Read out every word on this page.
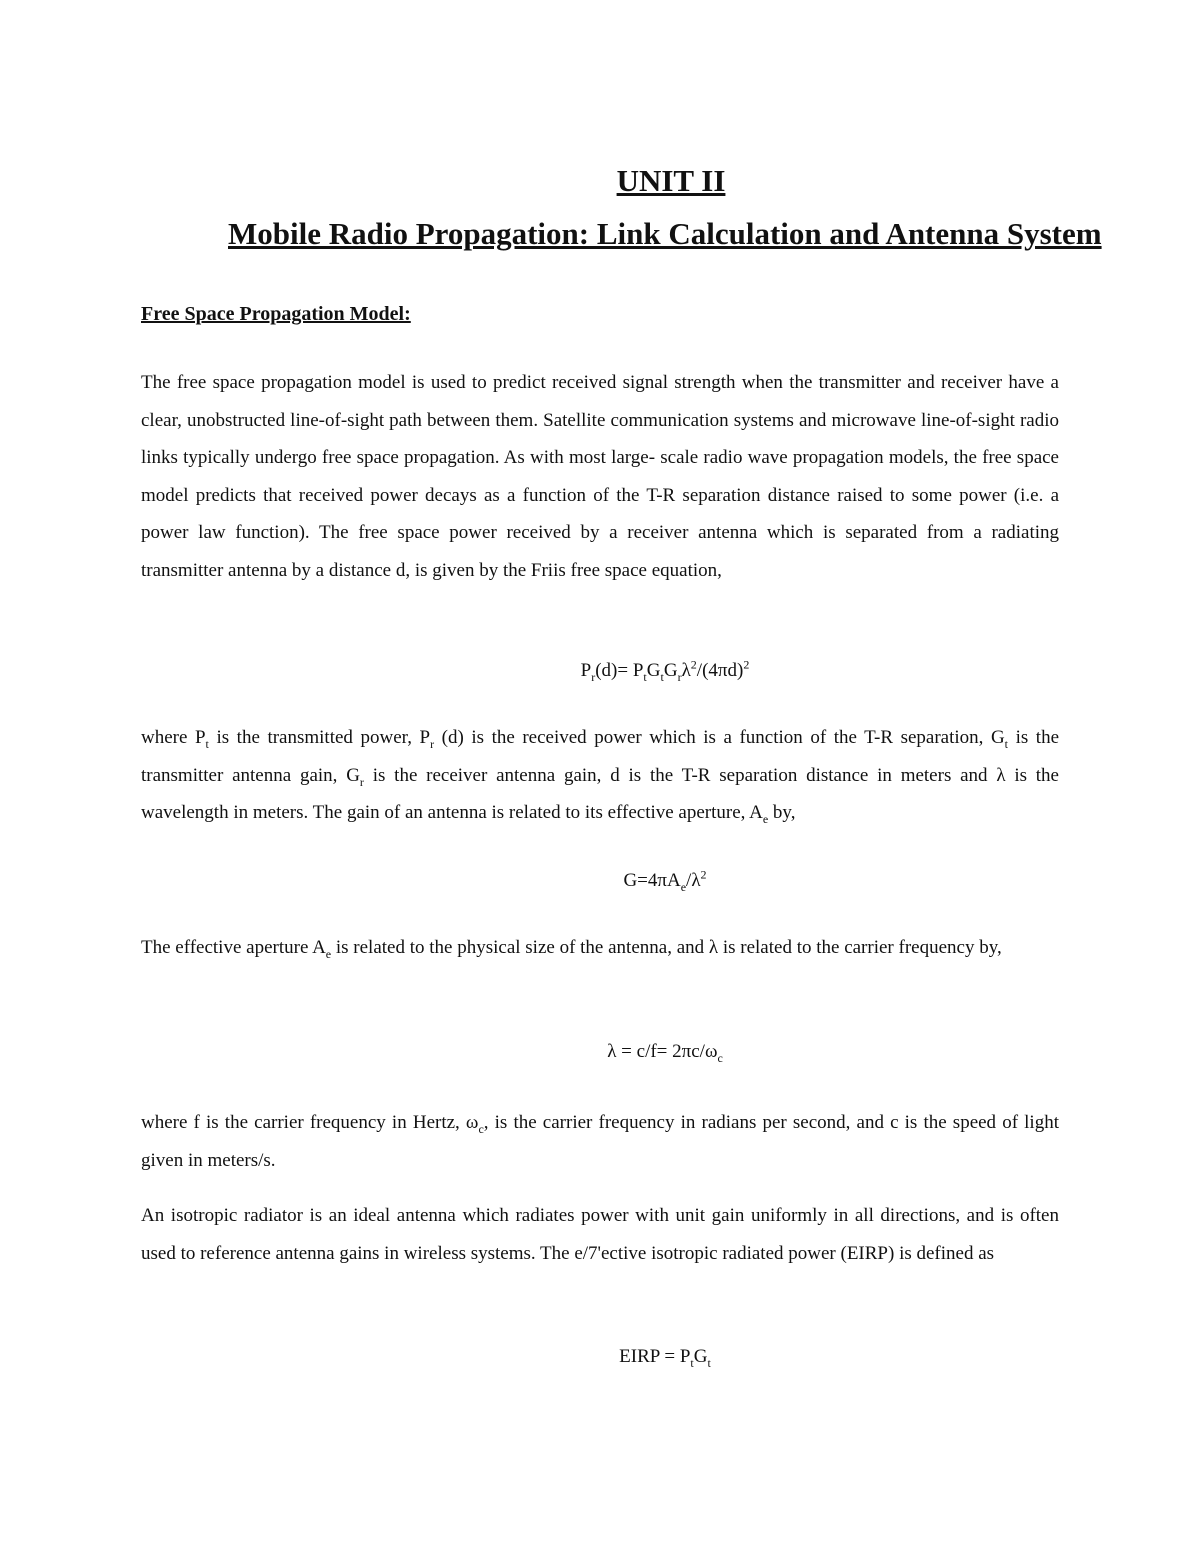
UNIT II
Mobile Radio Propagation: Link Calculation and Antenna System
Free Space Propagation Model:

The free space propagation model is used to predict received signal strength when the transmitter and receiver have a clear, unobstructed line-of-sight path between them. Satellite communication systems and microwave line-of-sight radio links typically undergo free space propagation. As with most large- scale radio wave propagation models, the free space model predicts that received power decays as a function of the T-R separation distance raised to some power (i.e. a power law function). The free space power received by a receiver antenna which is separated from a radiating transmitter antenna by a distance d, is given by the Friis free space equation,

$P_r(d)= P_tG_tG_r\lambda^2/(4\pi d)^2$

where $P_t$ is the transmitted power, $P_r$ (d) is the received power which is a function of the T-R separation, $G_t$ is the transmitter antenna gain, $G_r$ is the receiver antenna gain, d is the T-R separation distance in meters and λ is the wavelength in meters. The gain of an antenna is related to its effective aperture, $A_e$ by,

$G=4\pi A_e/\lambda^2$

The effective aperture $A_e$ is related to the physical size of the antenna, and λ is related to the carrier frequency by,

$\lambda = c/f= 2\pi c/\omega_c$

where f is the carrier frequency in Hertz, $\omega_c$, is the carrier frequency in radians per second, and c is the speed of light given in meters/s.

An isotropic radiator is an ideal antenna which radiates power with unit gain uniformly in all directions, and is often used to reference antenna gains in wireless systems. The e/7'ective isotropic radiated power (EIRP) is defined as

EIRP = $P_tG_t$
